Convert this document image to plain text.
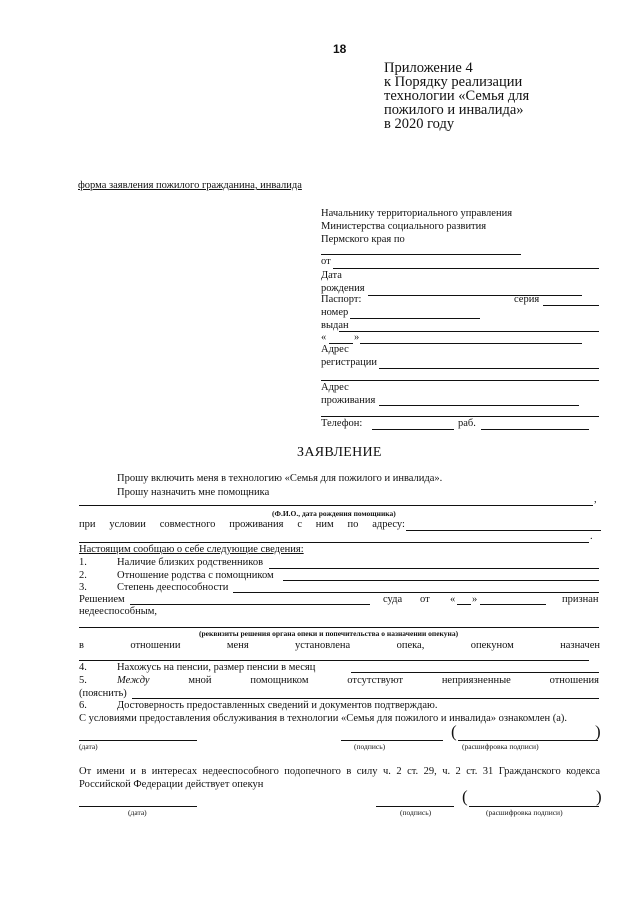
18
Приложение 4
к Порядку реализации
технологии «Семья для
пожилого и инвалида»
в 2020 году
форма заявления пожилого гражданина, инвалида
Начальнику территориального управления
Министерства социального развития
Пермского края по
от
Дата
рождения
Паспорт:	серия
номер
выдан
«	»
Адрес
регистрации
Адрес
проживания
Телефон:	раб.
ЗАЯВЛЕНИЕ
Прошу включить меня в технологию «Семья для пожилого и инвалида».
Прошу назначить мне помощника
,
(Ф.И.О., дата рождения помощника)
при условии совместного проживания с ним по адресу:
.
Настоящим сообщаю о себе следующие сведения:
1.	Наличие близких родственников
2.	Отношение родства с помощником
3.	Степень дееспособности
Решением	суда от « »	признан
недееспособным,
(реквизиты решения органа опеки и попечительства о назначении опекуна)
в	отношении	меня	установлена	опека,	опекуном	назначен
4.	Нахожусь на пенсии, размер пенсии в месяц
5.	Между	мной	помощником	отсутствуют	неприязненные	отношения
(пояснить)
6.	Достоверность предоставленных сведений и документов подтверждаю.
С условиями предоставления обслуживания в технологии «Семья для пожилого и инвалида» ознакомлен (а).
(дата)	(подпись)
(	)
(расшифровка подписи)
От имени и в интересах недееспособного подопечного в силу ч. 2 ст. 29, ч. 2 ст. 31 Гражданского кодекса
Российской Федерации действует опекун
(дата)	(подпись)
(	)
(расшифровка подписи)
